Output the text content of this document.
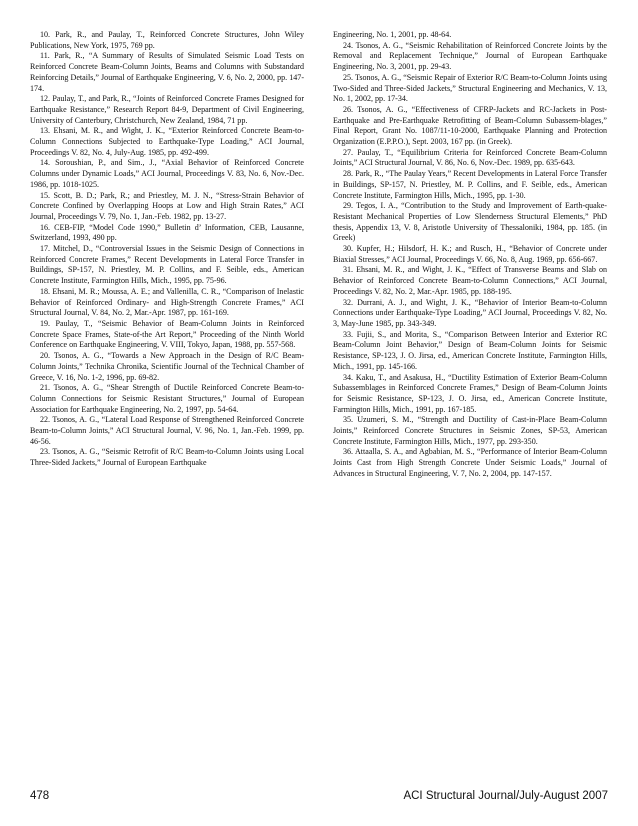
10. Park, R., and Paulay, T., Reinforced Concrete Structures, John Wiley Publications, New York, 1975, 769 pp.

11. Park, R., “A Summary of Results of Simulated Seismic Load Tests on Reinforced Concrete Beam-Column Joints, Beams and Columns with Substandard Reinforcing Details,” Journal of Earthquake Engineering, V. 6, No. 2, 2000, pp. 147-174.

12. Paulay, T., and Park, R., “Joints of Reinforced Concrete Frames Designed for Earthquake Resistance,” Research Report 84-9, Department of Civil Engineering, University of Canterbury, Christchurch, New Zealand, 1984, 71 pp.

13. Ehsani, M. R., and Wight, J. K., “Exterior Reinforced Concrete Beam-to-Column Connections Subjected to Earthquake-Type Loading,” ACI Journal, Proceedings V. 82, No. 4, July-Aug. 1985, pp. 492-499.

14. Soroushian, P., and Sim., J., “Axial Behavior of Reinforced Concrete Columns under Dynamic Loads,” ACI Journal, Proceedings V. 83, No. 6, Nov.-Dec. 1986, pp. 1018-1025.

15. Scott, B. D.; Park, R.; and Priestley, M. J. N., “Stress-Strain Behavior of Concrete Confined by Overlapping Hoops at Low and High Strain Rates,” ACI Journal, Proceedings V. 79, No. 1, Jan.-Feb. 1982, pp. 13-27.

16. CEB-FIP, “Model Code 1990,” Bulletin d’ Information, CEB, Lausanne, Switzerland, 1993, 490 pp.

17. Mitchel, D., “Controversial Issues in the Seismic Design of Connections in Reinforced Concrete Frames,” Recent Developments in Lateral Force Transfer in Buildings, SP-157, N. Priestley, M. P. Collins, and F. Seible, eds., American Concrete Institute, Farmington Hills, Mich., 1995, pp. 75-96.

18. Ehsani, M. R.; Moussa, A. E.; and Vallenilla, C. R., “Comparison of Inelastic Behavior of Reinforced Ordinary- and High-Strength Concrete Frames,” ACI Structural Journal, V. 84, No. 2, Mar.-Apr. 1987, pp. 161-169.

19. Paulay, T., “Seismic Behavior of Beam-Column Joints in Reinforced Concrete Space Frames, State-of-the Art Report,” Proceeding of the Ninth World Conference on Earthquake Engineering, V. VIII, Tokyo, Japan, 1988, pp. 557-568.

20. Tsonos, A. G., “Towards a New Approach in the Design of R/C Beam-Column Joints,” Technika Chronika, Scientific Journal of the Technical Chamber of Greece, V. 16, No. 1-2, 1996, pp. 69-82.

21. Tsonos, A. G., “Shear Strength of Ductile Reinforced Concrete Beam-to-Column Connections for Seismic Resistant Structures,” Journal of European Association for Earthquake Engineering, No. 2, 1997, pp. 54-64.

22. Tsonos, A. G., “Lateral Load Response of Strengthened Reinforced Concrete Beam-to-Column Joints,” ACI Structural Journal, V. 96, No. 1, Jan.-Feb. 1999, pp. 46-56.

23. Tsonos, A. G., “Seismic Retrofit of R/C Beam-to-Column Joints using Local Three-Sided Jackets,” Journal of European Earthquake

Engineering, No. 1, 2001, pp. 48-64.

24. Tsonos, A. G., “Seismic Rehabilitation of Reinforced Concrete Joints by the Removal and Replacement Technique,” Journal of European Earthquake Engineering, No. 3, 2001, pp. 29-43.

25. Tsonos, A. G., “Seismic Repair of Exterior R/C Beam-to-Column Joints using Two-Sided and Three-Sided Jackets,” Structural Engineering and Mechanics, V. 13, No. 1, 2002, pp. 17-34.

26. Tsonos, A. G., “Effectiveness of CFRP-Jackets and RC-Jackets in Post-Earthquake and Pre-Earthquake Retrofitting of Beam-Column Subassem-blages,” Final Report, Grant No. 1087/11-10-2000, Earthquake Planning and Protection Organization (E.P.P.O.), Sept. 2003, 167 pp. (in Greek).

27. Paulay, T., “Equilibrium Criteria for Reinforced Concrete Beam-Column Joints,” ACI Structural Journal, V. 86, No. 6, Nov.-Dec. 1989, pp. 635-643.

28. Park, R., “The Paulay Years,” Recent Developments in Lateral Force Transfer in Buildings, SP-157, N. Priestley, M. P. Collins, and F. Seible, eds., American Concrete Institute, Farmington Hills, Mich., 1995, pp. 1-30.

29. Tegos, I. A., “Contribution to the Study and Improvement of Earth-quake-Resistant Mechanical Properties of Low Slenderness Structural Elements,” PhD thesis, Appendix 13, V. 8, Aristotle University of Thessaloniki, 1984, pp. 185. (in Greek)

30. Kupfer, H.; Hilsdorf, H. K.; and Rusch, H., “Behavior of Concrete under Biaxial Stresses,” ACI Journal, Proceedings V. 66, No. 8, Aug. 1969, pp. 656-667.

31. Ehsani, M. R., and Wight, J. K., “Effect of Transverse Beams and Slab on Behavior of Reinforced Concrete Beam-to-Column Connections,” ACI Journal, Proceedings V. 82, No. 2, Mar.-Apr. 1985, pp. 188-195.

32. Durrani, A. J., and Wight, J. K., “Behavior of Interior Beam-to-Column Connections under Earthquake-Type Loading,” ACI Journal, Proceedings V. 82, No. 3, May-June 1985, pp. 343-349.

33. Fujii, S., and Morita, S., “Comparison Between Interior and Exterior RC Beam-Column Joint Behavior,” Design of Beam-Column Joints for Seismic Resistance, SP-123, J. O. Jirsa, ed., American Concrete Institute, Farmington Hills, Mich., 1991, pp. 145-166.

34. Kaku, T., and Asakusa, H., “Ductility Estimation of Exterior Beam-Column Subassemblages in Reinforced Concrete Frames,” Design of Beam-Column Joints for Seismic Resistance, SP-123, J. O. Jirsa, ed., American Concrete Institute, Farmington Hills, Mich., 1991, pp. 167-185.

35. Uzumeri, S. M., “Strength and Ductility of Cast-in-Place Beam-Column Joints,” Reinforced Concrete Structures in Seismic Zones, SP-53, American Concrete Institute, Farmington Hills, Mich., 1977, pp. 293-350.

36. Attaalla, S. A., and Agbabian, M. S., “Performance of Interior Beam-Column Joints Cast from High Strength Concrete Under Seismic Loads,” Journal of Advances in Structural Engineering, V. 7, No. 2, 2004, pp. 147-157.

478	ACI Structural Journal/July-August 2007
